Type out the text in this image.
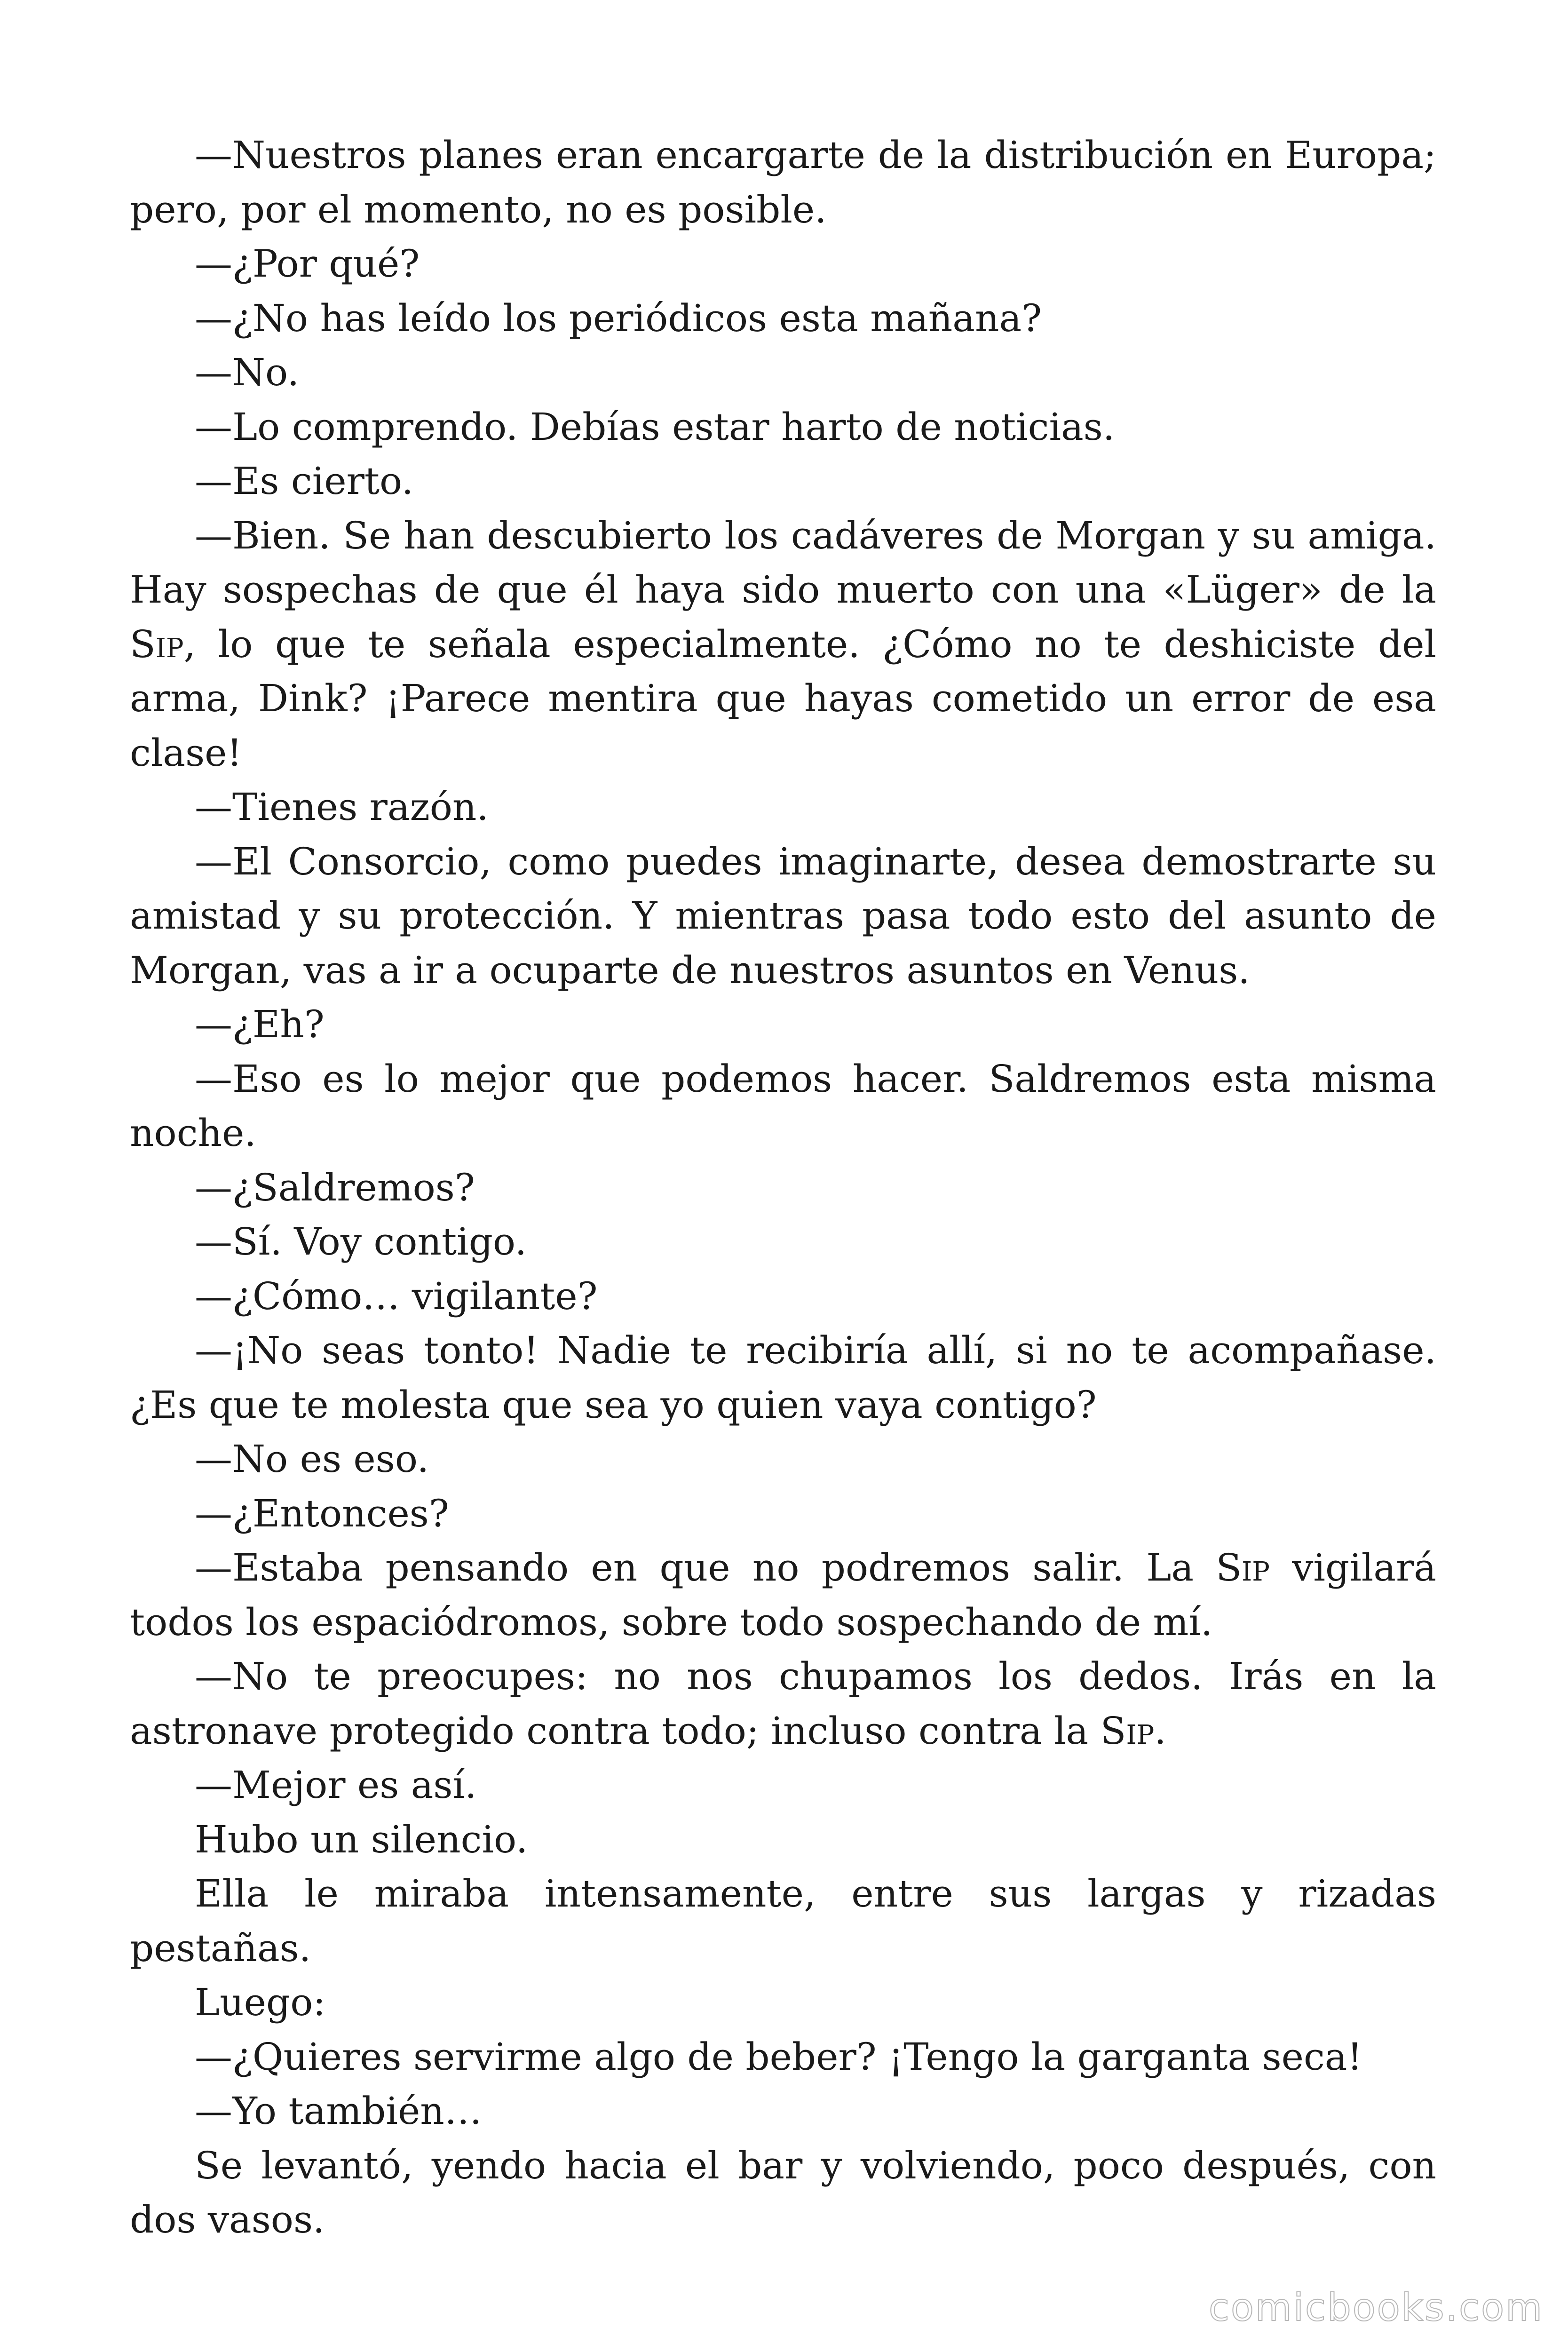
—Nuestros planes eran encargarte de la distribución en Europa; pero, por el momento, no es posible.

—¿Por qué?

—¿No has leído los periódicos esta mañana?

—No.

—Lo comprendo. Debías estar harto de noticias.

—Es cierto.

—Bien. Se han descubierto los cadáveres de Morgan y su amiga. Hay sospechas de que él haya sido muerto con una «Lüger» de la Sip, lo que te señala especialmente. ¿Cómo no te deshiciste del arma, Dink? ¡Parece mentira que hayas cometido un error de esa clase!

—Tienes razón.

—El Consorcio, como puedes imaginarte, desea demostrarte su amistad y su protección. Y mientras pasa todo esto del asunto de Morgan, vas a ir a ocuparte de nuestros asuntos en Venus.

—¿Eh?

—Eso es lo mejor que podemos hacer. Saldremos esta misma noche.

—¿Saldremos?

—Sí. Voy contigo.

—¿Cómo… vigilante?

—¡No seas tonto! Nadie te recibiría allí, si no te acompañase. ¿Es que te molesta que sea yo quien vaya contigo?

—No es eso.

—¿Entonces?

—Estaba pensando en que no podremos salir. La Sip vigilará todos los espaciódromos, sobre todo sospechando de mí.

—No te preocupes: no nos chupamos los dedos. Irás en la astronave protegido contra todo; incluso contra la Sip.

—Mejor es así.

Hubo un silencio.

Ella le miraba intensamente, entre sus largas y rizadas pestañas.

Luego:

—¿Quieres servirme algo de beber? ¡Tengo la garganta seca!

—Yo también…

Se levantó, yendo hacia el bar y volviendo, poco después, con dos vasos.

comicbooks.com
